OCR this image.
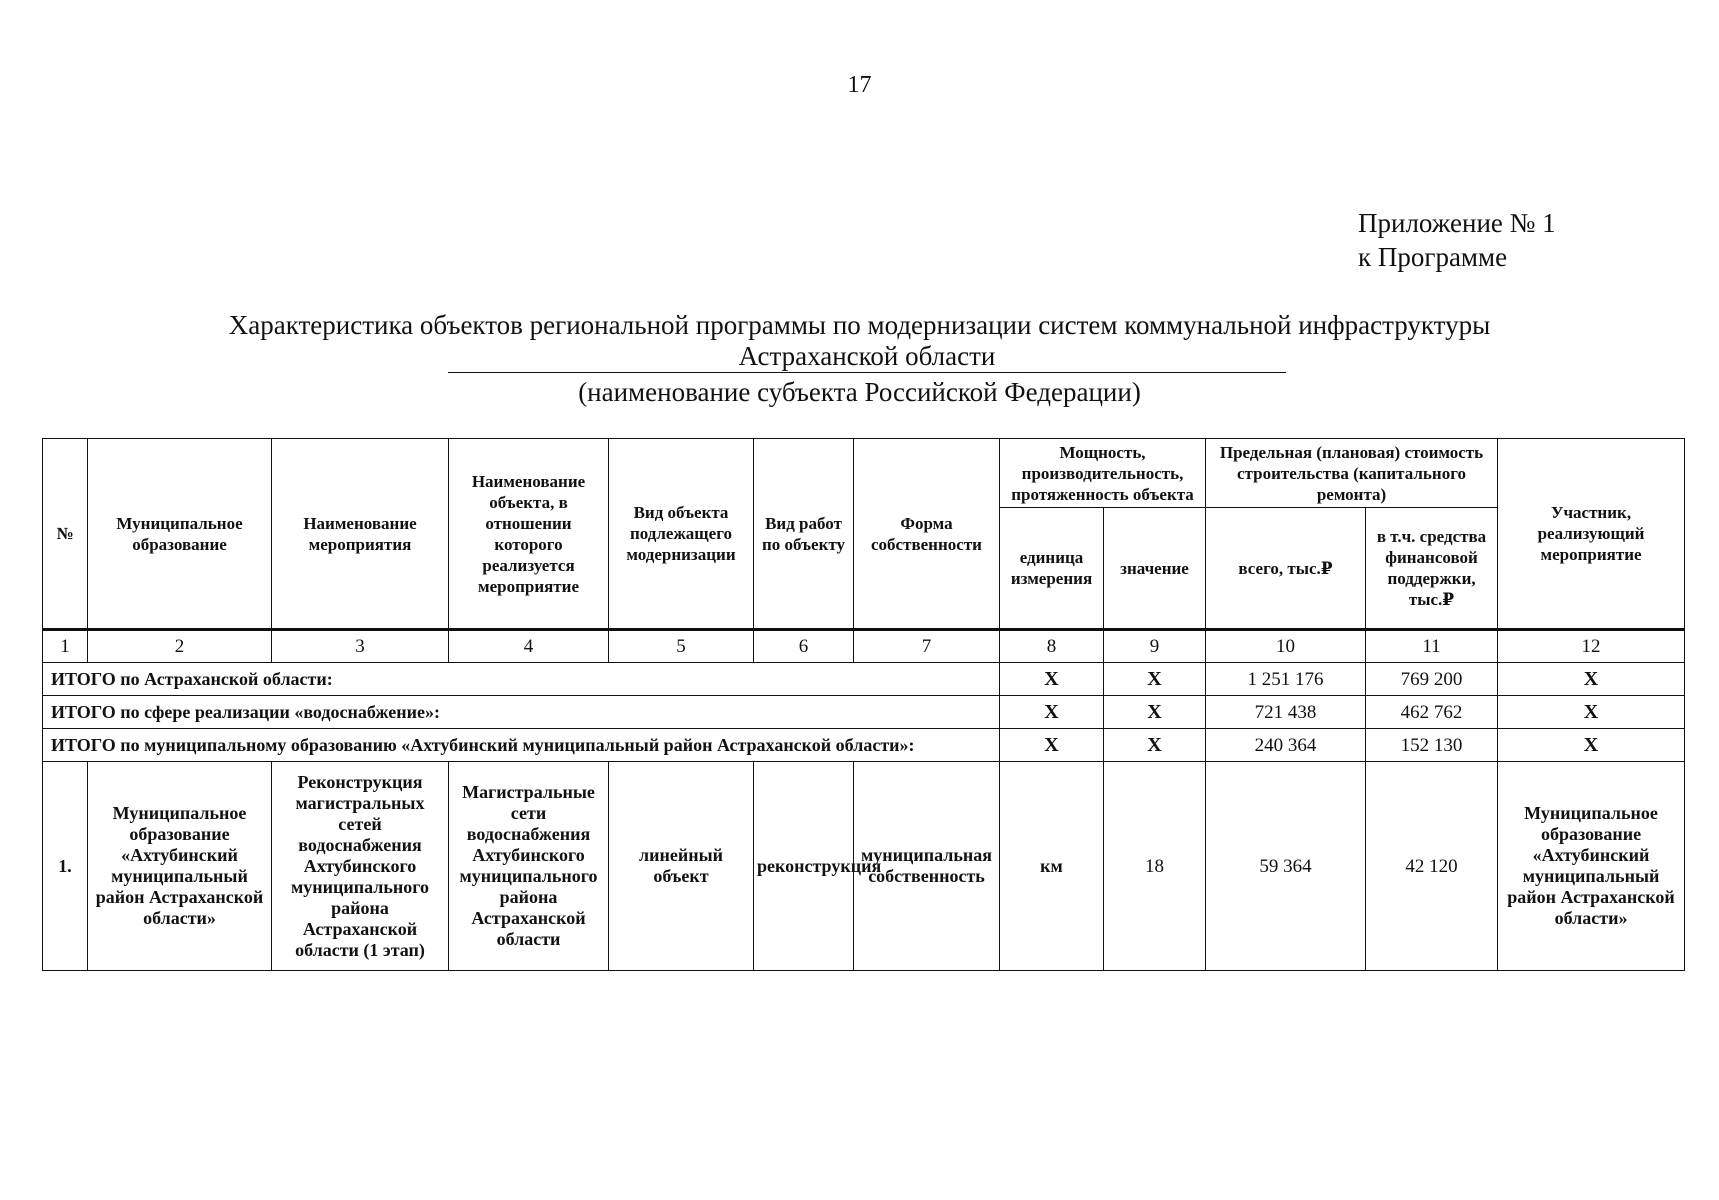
17
Приложение № 1
к Программе
Характеристика объектов региональной программы по модернизации систем коммунальной инфраструктуры
Астраханской области
(наименование субъекта Российской Федерации)
№	Муниципальное образование	Наименование мероприятия	Наименование объекта, в отношении которого реализуется мероприятие	Вид объекта подлежащего модернизации	Вид работ по объекту	Форма собственности	Мощность, производительность, протяженность объекта		Предельная (плановая) стоимость строительства (капитального ремонта)		Участник, реализующий мероприятие
							единица измерения	значение	всего, тыс.₽	в т.ч. средства финансовой поддержки, тыс.₽	
1	2	3	4	5	6	7	8	9	10	11	12
ИТОГО по Астраханской области:							Х	Х	1 251 176	769 200	Х
ИТОГО по сфере реализации «водоснабжение»:							Х	Х	721 438	462 762	Х
ИТОГО по муниципальному образованию «Ахтубинский муниципальный район Астраханской области»:							Х	Х	240 364	152 130	Х
1.	Муниципальное образование «Ахтубинский муниципальный район Астраханской области»	Реконструкция магистральных сетей водоснабжения Ахтубинского муниципального района Астраханской области (1 этап)	Магистральные сети водоснабжения Ахтубинского муниципального района Астраханской области	линейный объект	реконструкция	муниципальная собственность	км	18	59 364	42 120	Муниципальное образование «Ахтубинский муниципальный район Астраханской области»
